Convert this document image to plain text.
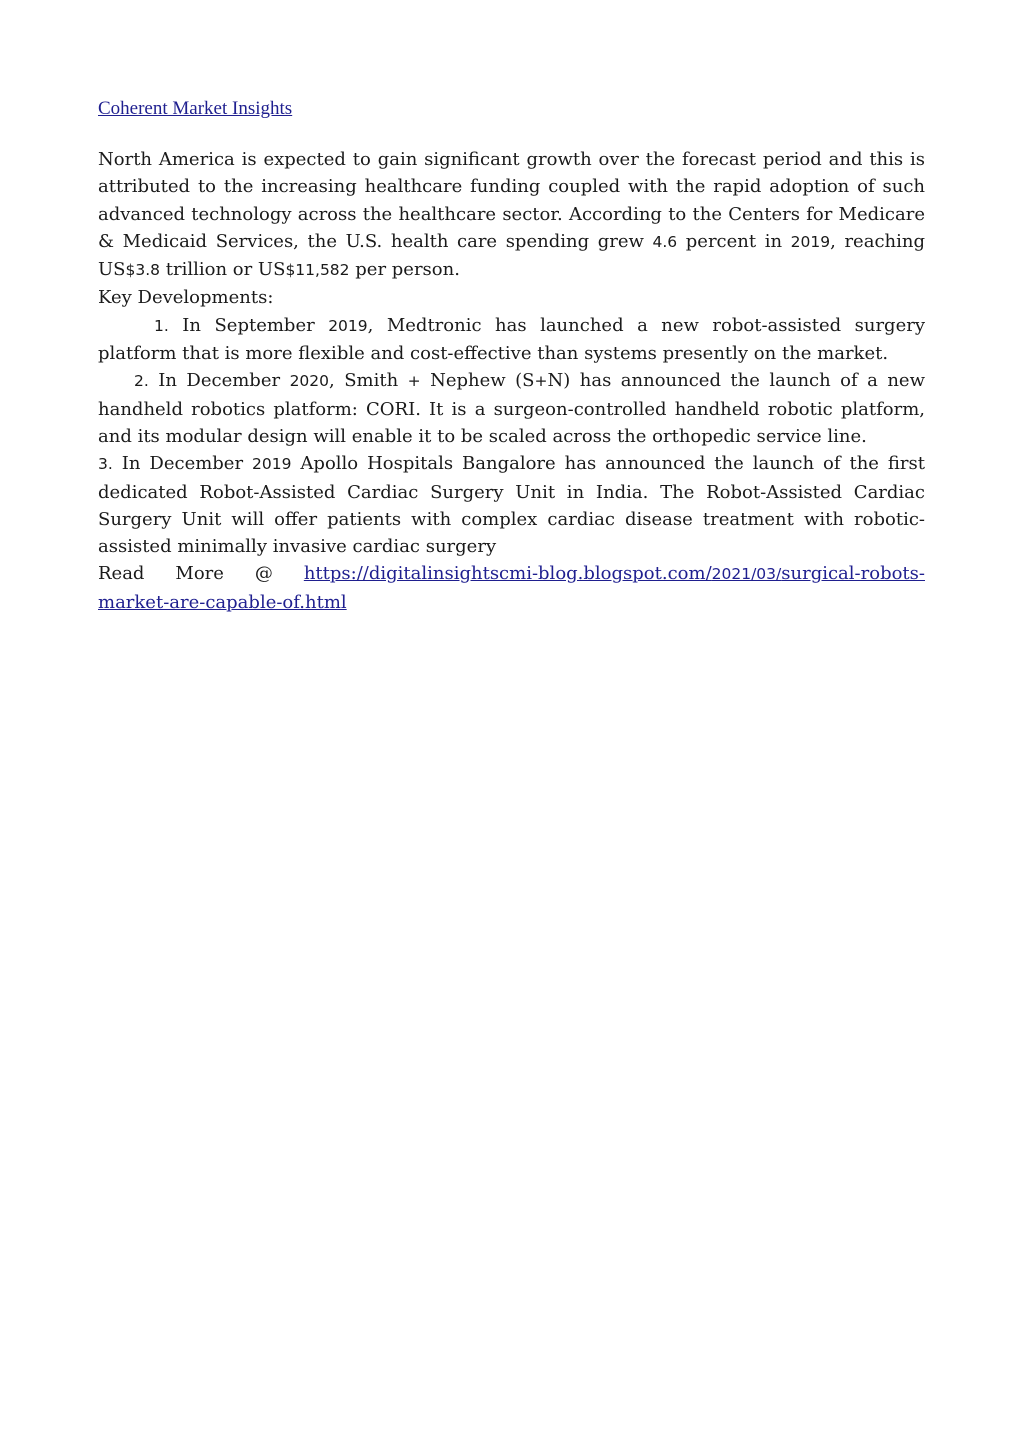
Coherent Market Insights

North America is expected to gain significant growth over the forecast period and this is attributed to the increasing healthcare funding coupled with the rapid adoption of such advanced technology across the healthcare sector. According to the Centers for Medicare & Medicaid Services, the U.S. health care spending grew 4.6 percent in 2019, reaching US$3.8 trillion or US$11,582 per person.

Key Developments:

1. In September 2019, Medtronic has launched a new robot-assisted surgery platform that is more flexible and cost-effective than systems presently on the market.

2. In December 2020, Smith + Nephew (S+N) has announced the launch of a new handheld robotics platform: CORI. It is a surgeon-controlled handheld robotic platform, and its modular design will enable it to be scaled across the orthopedic service line.

3. In December 2019 Apollo Hospitals Bangalore has announced the launch of the first dedicated Robot-Assisted Cardiac Surgery Unit in India. The Robot-Assisted Cardiac Surgery Unit will offer patients with complex cardiac disease treatment with robotic-assisted minimally invasive cardiac surgery

Read More @ https://digitalinsightscmi-blog.blogspot.com/2021/03/surgical-robots-market-are-capable-of.html
